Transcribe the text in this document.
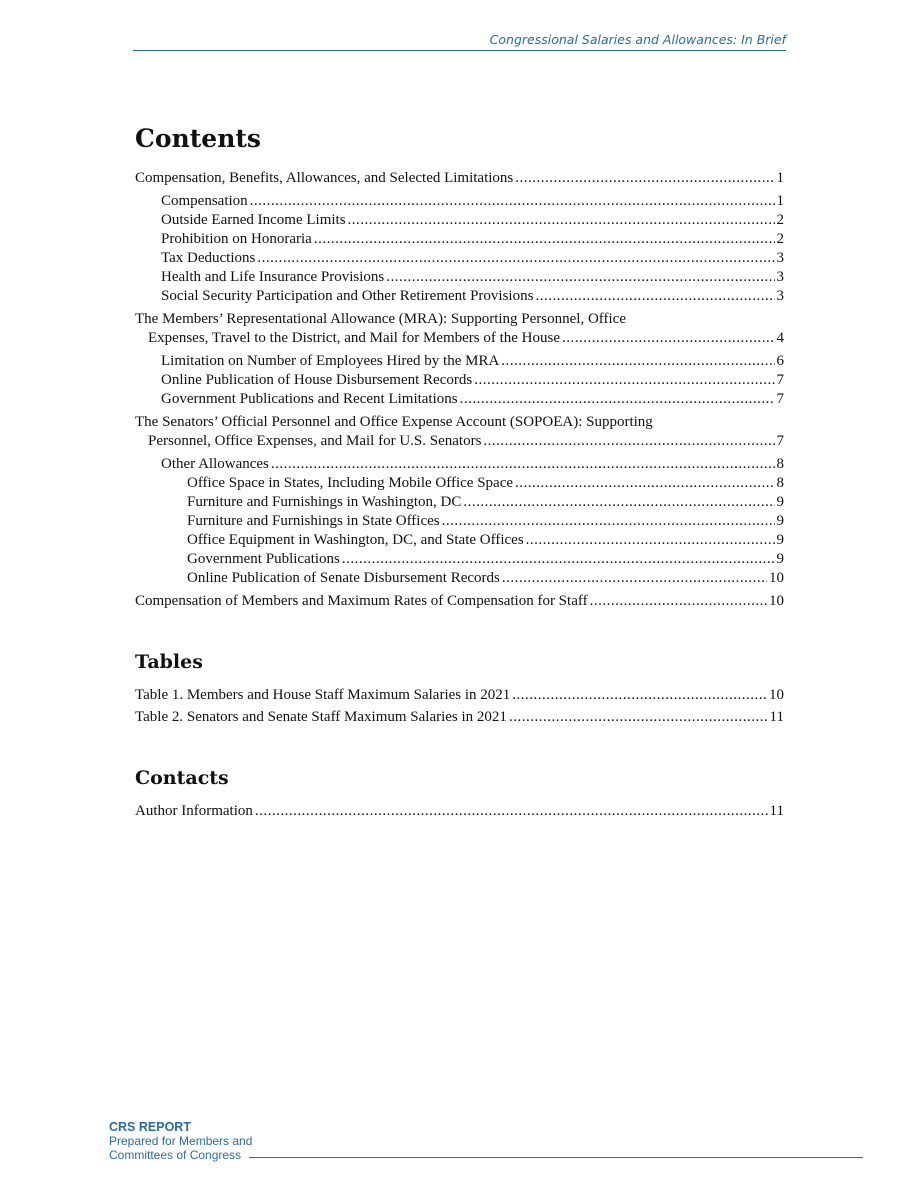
Congressional Salaries and Allowances: In Brief
Contents
Compensation, Benefits, Allowances, and Selected Limitations .....	1
Compensation .....	1
Outside Earned Income Limits .....	2
Prohibition on Honoraria .....	2
Tax Deductions .....	3
Health and Life Insurance Provisions .....	3
Social Security Participation and Other Retirement Provisions .....	3
The Members’ Representational Allowance (MRA): Supporting Personnel, Office
Expenses, Travel to the District, and Mail for Members of the House .....	4
Limitation on Number of Employees Hired by the MRA .....	6
Online Publication of House Disbursement Records .....	7
Government Publications and Recent Limitations .....	7
The Senators’ Official Personnel and Office Expense Account (SOPOEA): Supporting
Personnel, Office Expenses, and Mail for U.S. Senators .....	7
Other Allowances .....	8
Office Space in States, Including Mobile Office Space .....	8
Furniture and Furnishings in Washington, DC .....	9
Furniture and Furnishings in State Offices .....	9
Office Equipment in Washington, DC, and State Offices .....	9
Government Publications .....	9
Online Publication of Senate Disbursement Records .....	10
Compensation of Members and Maximum Rates of Compensation for Staff .....	10
Tables
Table 1. Members and House Staff Maximum Salaries in 2021 .....	10
Table 2. Senators and Senate Staff Maximum Salaries in 2021 .....	11
Contacts
Author Information .....	11
CRS REPORT
Prepared for Members and
Committees of Congress
